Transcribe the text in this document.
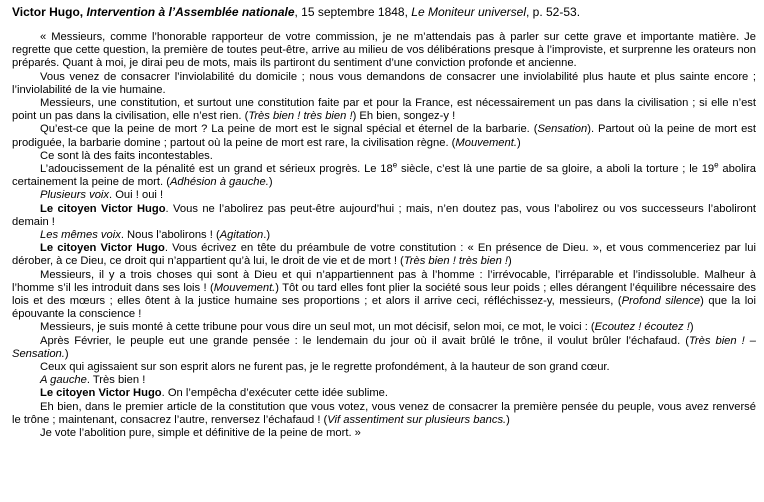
Victor Hugo, Intervention à l’Assemblée nationale, 15 septembre 1848, Le Moniteur universel, p. 52-53.

« Messieurs, comme l’honorable rapporteur de votre commission, je ne m’attendais pas à parler sur cette grave et importante matière. Je regrette que cette question, la première de toutes peut-être, arrive au milieu de vos délibérations presque à l’improviste, et surprenne les orateurs non préparés. Quant à moi, je dirai peu de mots, mais ils partiront du sentiment d’une conviction profonde et ancienne.

Vous venez de consacrer l’inviolabilité du domicile ; nous vous demandons de consacrer une inviolabilité plus haute et plus sainte encore ; l’inviolabilité de la vie humaine.

Messieurs, une constitution, et surtout une constitution faite par et pour la France, est nécessairement un pas dans la civilisation ; si elle n’est point un pas dans la civilisation, elle n’est rien. (Très bien ! très bien !) Eh bien, songez-y !

Qu’est-ce que la peine de mort ? La peine de mort est le signal spécial et éternel de la barbarie. (Sensation). Partout où la peine de mort est prodiguée, la barbarie domine ; partout où la peine de mort est rare, la civilisation règne. (Mouvement.)

Ce sont là des faits incontestables.

L’adoucissement de la pénalité est un grand et sérieux progrès. Le 18e siècle, c’est là une partie de sa gloire, a aboli la torture ; le 19e abolira certainement la peine de mort. (Adhésion à gauche.)

Plusieurs voix. Oui ! oui !

Le citoyen Victor Hugo. Vous ne l’abolirez pas peut-être aujourd’hui ; mais, n’en doutez pas, vous l’abolirez ou vos successeurs l’aboliront demain !

Les mêmes voix. Nous l’abolirons ! (Agitation.)

Le citoyen Victor Hugo. Vous écrivez en tête du préambule de votre constitution : « En présence de Dieu. », et vous commenceriez par lui dérober, à ce Dieu, ce droit qui n’appartient qu’à lui, le droit de vie et de mort ! (Très bien ! très bien !)

Messieurs, il y a trois choses qui sont à Dieu et qui n’appartiennent pas à l’homme : l’irrévocable, l’irréparable et l’indissoluble. Malheur à l’homme s’il les introduit dans ses lois ! (Mouvement.) Tôt ou tard elles font plier la société sous leur poids ; elles dérangent l’équilibre nécessaire des lois et des mœurs ; elles ôtent à la justice humaine ses proportions ; et alors il arrive ceci, réfléchissez-y, messieurs, (Profond silence) que la loi épouvante la conscience !

Messieurs, je suis monté à cette tribune pour vous dire un seul mot, un mot décisif, selon moi, ce mot, le voici : (Ecoutez ! écoutez !)

Après Février, le peuple eut une grande pensée : le lendemain du jour où il avait brûlé le trône, il voulut brûler l’échafaud. (Très bien ! – Sensation.)

Ceux qui agissaient sur son esprit alors ne furent pas, je le regrette profondément, à la hauteur de son grand cœur.

A gauche. Très bien !

Le citoyen Victor Hugo. On l’empêcha d’exécuter cette idée sublime.

Eh bien, dans le premier article de la constitution que vous votez, vous venez de consacrer la première pensée du peuple, vous avez renversé le trône ; maintenant, consacrez l’autre, renversez l’échafaud ! (Vif assentiment sur plusieurs bancs.)

Je vote l’abolition pure, simple et définitive de la peine de mort. »
